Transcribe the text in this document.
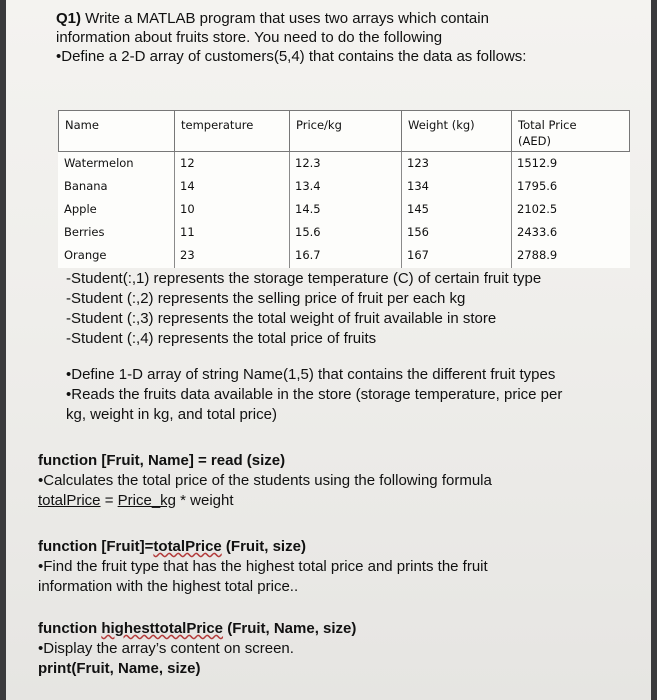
Q1) Write a MATLAB program that uses two arrays which contain

information about fruits store. You need to do the following

•Define a 2-D array of customers(5,4) that contains the data as follows:

Name	temperature	Price/kg	Weight (kg)	Total Price
(AED)
Watermelon	12	12.3	123	1512.9
Banana	14	13.4	134	1795.6
Apple	10	14.5	145	2102.5
Berries	11	15.6	156	2433.6
Orange	23	16.7	167	2788.9

-Student(:,1) represents the storage temperature (C) of certain fruit type

-Student (:,2) represents the selling price of fruit per each kg

-Student (:,3) represents the total weight of fruit available in store

-Student (:,4) represents the total price of fruits

•Define 1-D array of string Name(1,5) that contains the different fruit types

•Reads the fruits data available in the store (storage temperature, price per

kg, weight in kg, and total price)

function [Fruit, Name] = read (size)

•Calculates the total price of the students using the following formula

totalPrice = Price_kg * weight

function [Fruit]=totalPrice (Fruit, size)

•Find the fruit type that has the highest total price and prints the fruit

information with the highest total price..

function highesttotalPrice (Fruit, Name, size)

•Display the array’s content on screen.

print(Fruit, Name, size)
